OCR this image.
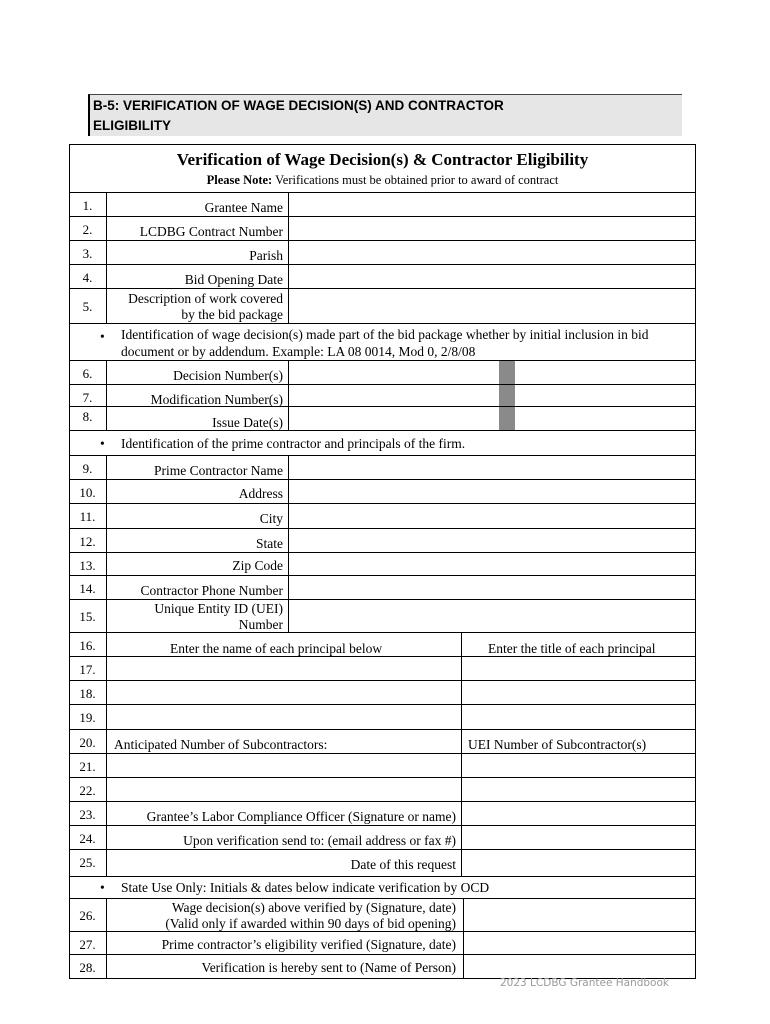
B-5: VERIFICATION OF WAGE DECISION(S) AND CONTRACTOR
ELIGIBILITY
Verification of Wage Decision(s) & Contractor Eligibility
Please Note: Verifications must be obtained prior to award of contract
1.	Grantee Name
2.	LCDBG Contract Number
3.	Parish
4.	Bid Opening Date
5.
Description of work covered
by the bid package
• Identification of wage decision(s) made part of the bid package whether by initial inclusion in bid
document or by addendum. Example: LA 08 0014, Mod 0, 2/8/08
6.	Decision Number(s)
7.	Modification Number(s)
8.	Issue Date(s)
• Identification of the prime contractor and principals of the firm.
9.	Prime Contractor Name
10.	Address
11.	City
12.	State
13.	Zip Code
14.	Contractor Phone Number
15.
Unique Entity ID (UEI)
Number
16.	Enter the name of each principal below	Enter the title of each principal
17.
18.
19.
20.	Anticipated Number of Subcontractors:	UEI Number of Subcontractor(s)
21.
22.
23.	Grantee’s Labor Compliance Officer (Signature or name)
24.	Upon verification send to: (email address or fax #)
25.	Date of this request
• State Use Only: Initials & dates below indicate verification by OCD
26.
Wage decision(s) above verified by (Signature, date)
(Valid only if awarded within 90 days of bid opening)
27.	Prime contractor’s eligibility verified (Signature, date)
28.	Verification is hereby sent to (Name of Person)
2023 LCDBG Grantee Handbook
